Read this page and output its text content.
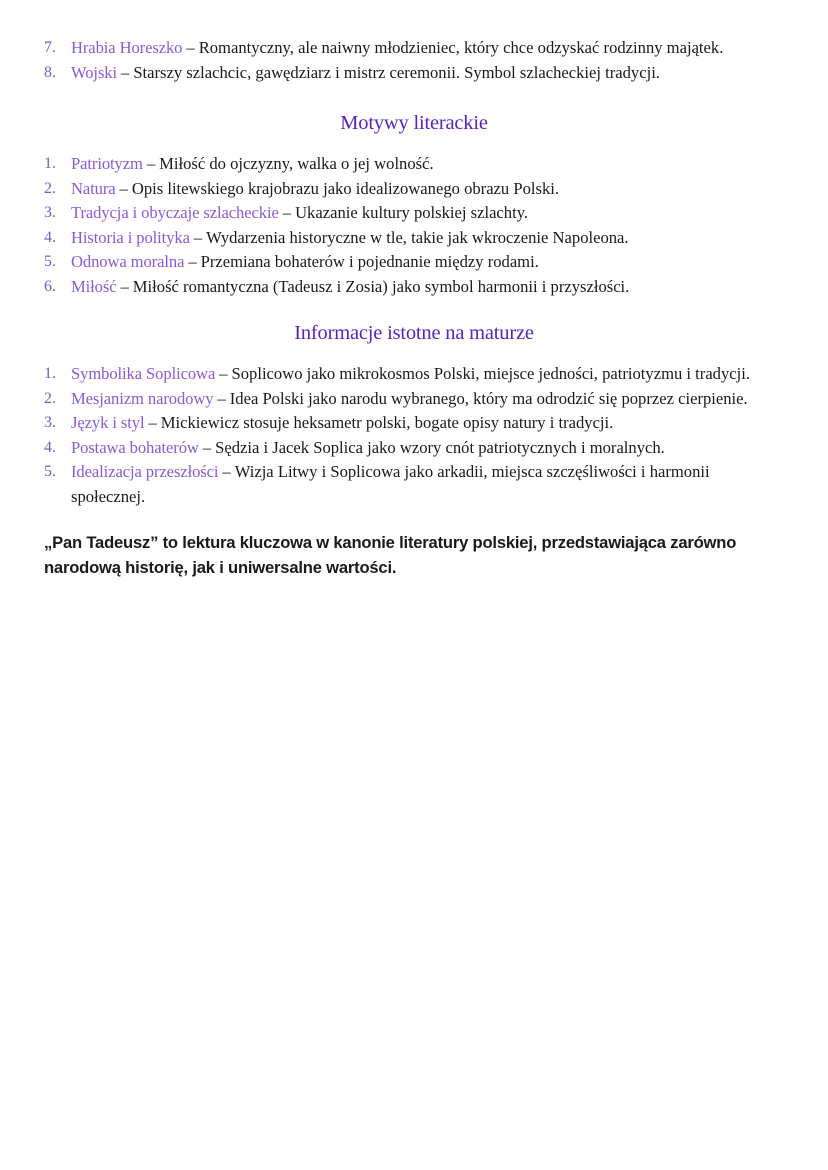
7. Hrabia Horeszko – Romantyczny, ale naiwny młodzieniec, który chce odzyskać rodzinny majątek.
8. Wojski – Starszy szlachcic, gawędziarz i mistrz ceremonii. Symbol szlacheckiej tradycji.
Motywy literackie
1. Patriotyzm – Miłość do ojczyzny, walka o jej wolność.
2. Natura – Opis litewskiego krajobrazu jako idealizowanego obrazu Polski.
3. Tradycja i obyczaje szlacheckie – Ukazanie kultury polskiej szlachty.
4. Historia i polityka – Wydarzenia historyczne w tle, takie jak wkroczenie Napoleona.
5. Odnowa moralna – Przemiana bohaterów i pojednanie między rodami.
6. Miłość – Miłość romantyczna (Tadeusz i Zosia) jako symbol harmonii i przyszłości.
Informacje istotne na maturze
1. Symbolika Soplicowa – Soplicowo jako mikrokosmos Polski, miejsce jedności, patriotyzmu i tradycji.
2. Mesjanizm narodowy – Idea Polski jako narodu wybranego, który ma odrodzić się poprzez cierpienie.
3. Język i styl – Mickiewicz stosuje heksametr polski, bogate opisy natury i tradycji.
4. Postawa bohaterów – Sędzia i Jacek Soplica jako wzory cnót patriotycznych i moralnych.
5. Idealizacja przeszłości – Wizja Litwy i Soplicowa jako arkadii, miejsca szczęśliwości i harmonii społecznej.

„Pan Tadeusz” to lektura kluczowa w kanonie literatury polskiej, przedstawiająca zarówno narodową historię, jak i uniwersalne wartości.
